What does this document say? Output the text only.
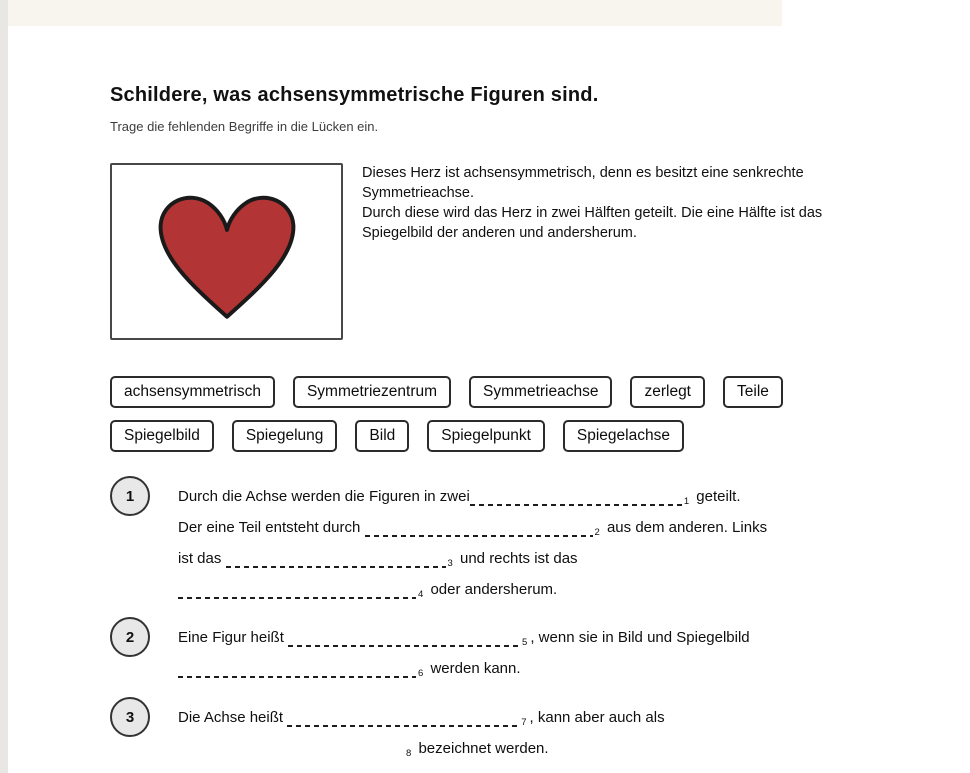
Schildere, was achsensymmetrische Figuren sind.
Trage die fehlenden Begriffe in die Lücken ein.
Dieses Herz ist achsensymmetrisch, denn es besitzt eine senkrechte
Symmetrieachse.
Durch diese wird das Herz in zwei Hälften geteilt. Die eine Hälfte ist das
Spiegelbild der anderen und andersherum.
achsensymmetrisch	Symmetriezentrum	Symmetrieachse	zerlegt	Teile
Spiegelbild	Spiegelung	Bild	Spiegelpunkt	Spiegelachse
1	Durch die Achse werden die Figuren in zwei	$_1$ geteilt.
Der eine Teil entsteht durch	$_2$ aus dem anderen. Links
ist das	$_3$ und rechts ist das
$_4$ oder andersherum.
2	Eine Figur heißt	$_5$ , wenn sie in Bild und Spiegelbild
$_6$ werden kann.
3	Die Achse heißt	$_7$ , kann aber auch als
$_8$ bezeichnet werden.
